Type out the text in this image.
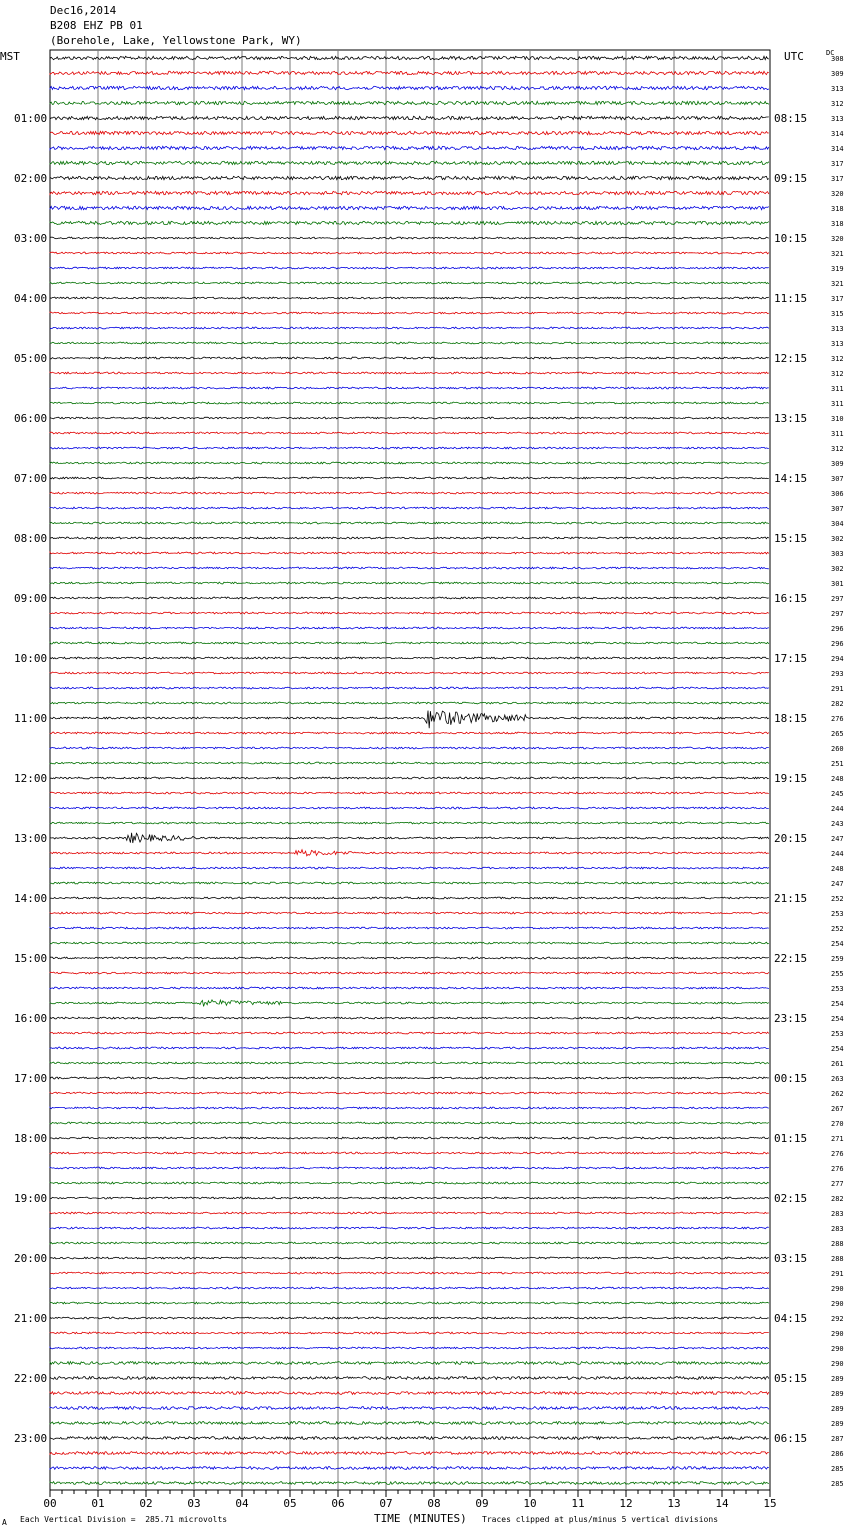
Dec16,2014
B208 EHZ PB 01
(Borehole, Lake, Yellowstone Park, WY)
MST	UTC	DC
308
309
313
312
313
314
314
317
317
320
318
318
320
321
319
321
317
315
313
313
312
312
311
311
310
311
312
309
307
306
307
304
302
303
302
301
297
297
296
296
294
293
291
282
276
265
260
251
248
245
244
243
247
244
248
247
252
253
252
254
259
255
253
254
254
253
254
261
263
262
267
270
271
276
276
277
282
283
283
288
288
291
290
290
292
290
290
290
289
289
289
289
287
286
285
285
01:00
02:00
03:00
04:00
05:00
06:00
07:00
08:00
09:00
10:00
11:00
12:00
13:00
14:00
15:00
16:00
17:00
18:00
19:00
20:00
21:00
22:00
23:00
08:15
09:15
10:15
11:15
12:15
13:15
14:15
15:15
16:15
17:15
18:15
19:15
20:15
21:15
22:15
23:15
00:15
01:15
02:15
03:15
04:15
05:15
06:15
00	01	02	03	04	05	06	07	08	09	10	11	12	13	14	15
A Each Vertical Division =  285.71 microvolts	TIME (MINUTES) Traces clipped at plus/minus 5 vertical divisions
